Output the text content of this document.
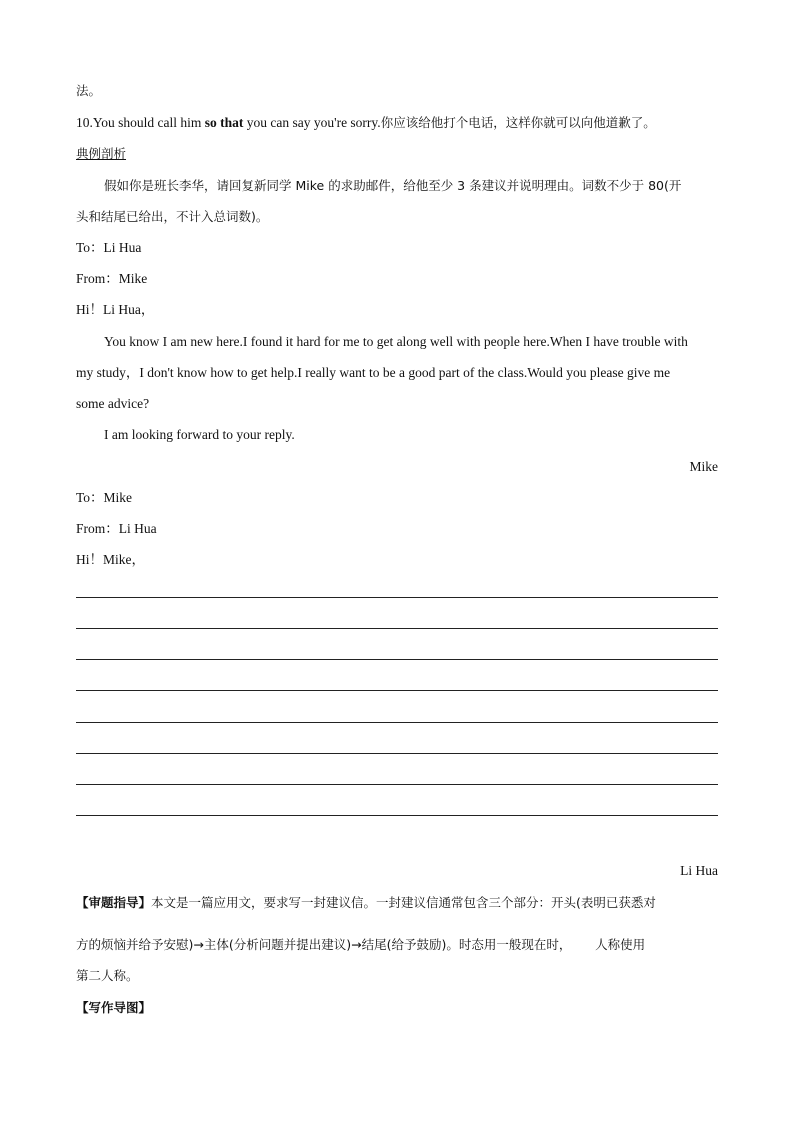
法。
10.You should call him so that you can say you're sorry.你应该给他打个电话，这样你就可以向他道歉了。
典例剖析
假如你是班长李华，请回复新同学 Mike 的求助邮件，给他至少 3 条建议并说明理由。词数不少于 80(开
头和结尾已给出，不计入总词数)。
To：Li Hua
From：Mike
Hi！Li Hua，
You know I am new here.I found it hard for me to get along well with people here.When I have trouble with
my study，I don't know how to get help.I really want to be a good part of the class.Would you please give me
some advice?
I am looking forward to your reply.
Mike
To：Mike
From：Li Hua
Hi！Mike，
Li Hua
【审题指导】本文是一篇应用文，要求写一封建议信。一封建议信通常包含三个部分：开头(表明已获悉对
方的烦恼并给予安慰)→主体(分析问题并提出建议)→结尾(给予鼓励)。时态用一般现在时，      人称使用
第二人称。
【写作导图】
